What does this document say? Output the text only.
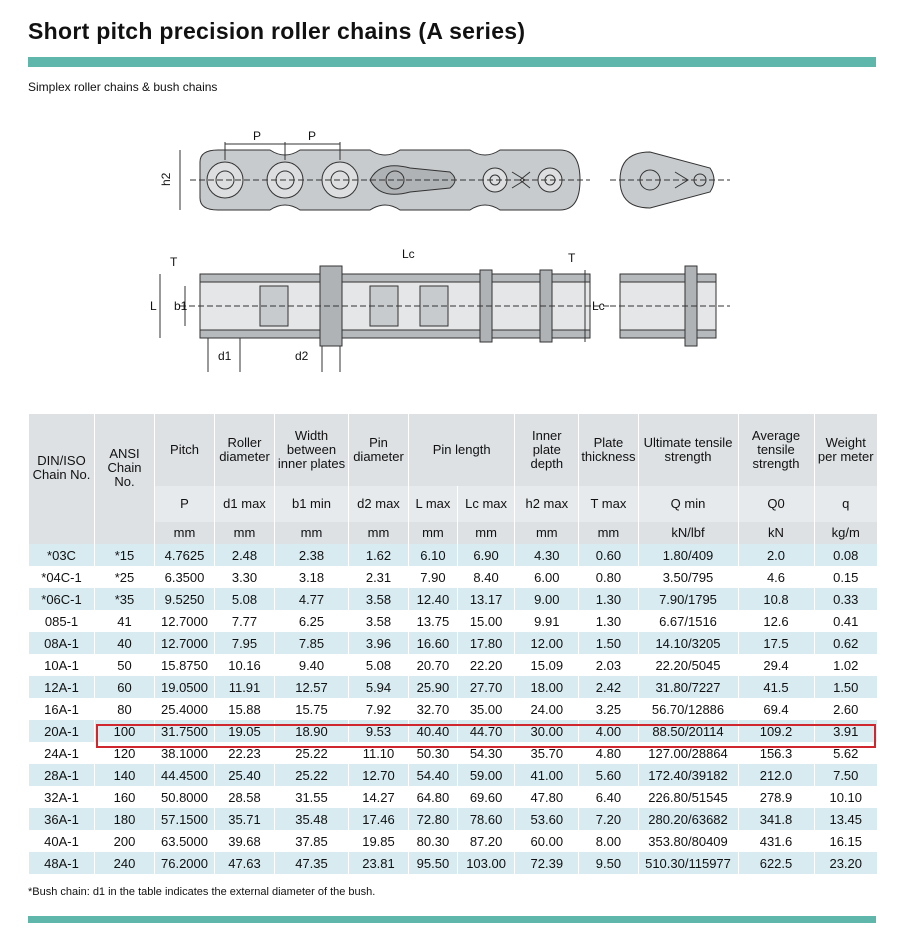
Short pitch precision roller chains (A series)
Simplex roller chains & bush chains
P	P
h2
L b1
T
Lc	T
Lc
d1	d2
DIN/ISO Chain No.	ANSI Chain No.	Pitch	Roller diameter	Width between inner plates	Pin diameter	Pin length		Inner plate depth	Plate thickness	Ultimate tensile strength	Average tensile strength	Weight per meter
		P	d1 max	b1 min	d2 max	L max	Lc max	h2 max	T max	Q min	Q0	q
		mm	mm	mm	mm	mm	mm	mm	mm	kN/lbf	kN	kg/m
*03C	*15	4.7625	2.48	2.38	1.62	6.10	6.90	4.30	0.60	1.80/409	2.0	0.08
*04C-1	*25	6.3500	3.30	3.18	2.31	7.90	8.40	6.00	0.80	3.50/795	4.6	0.15
*06C-1	*35	9.5250	5.08	4.77	3.58	12.40	13.17	9.00	1.30	7.90/1795	10.8	0.33
085-1	41	12.7000	7.77	6.25	3.58	13.75	15.00	9.91	1.30	6.67/1516	12.6	0.41
08A-1	40	12.7000	7.95	7.85	3.96	16.60	17.80	12.00	1.50	14.10/3205	17.5	0.62
10A-1	50	15.8750	10.16	9.40	5.08	20.70	22.20	15.09	2.03	22.20/5045	29.4	1.02
12A-1	60	19.0500	11.91	12.57	5.94	25.90	27.70	18.00	2.42	31.80/7227	41.5	1.50
16A-1	80	25.4000	15.88	15.75	7.92	32.70	35.00	24.00	3.25	56.70/12886	69.4	2.60
20A-1	100	31.7500	19.05	18.90	9.53	40.40	44.70	30.00	4.00	88.50/20114	109.2	3.91
24A-1	120	38.1000	22.23	25.22	11.10	50.30	54.30	35.70	4.80	127.00/28864	156.3	5.62
28A-1	140	44.4500	25.40	25.22	12.70	54.40	59.00	41.00	5.60	172.40/39182	212.0	7.50
32A-1	160	50.8000	28.58	31.55	14.27	64.80	69.60	47.80	6.40	226.80/51545	278.9	10.10
36A-1	180	57.1500	35.71	35.48	17.46	72.80	78.60	53.60	7.20	280.20/63682	341.8	13.45
40A-1	200	63.5000	39.68	37.85	19.85	80.30	87.20	60.00	8.00	353.80/80409	431.6	16.15
48A-1	240	76.2000	47.63	47.35	23.81	95.50	103.00	72.39	9.50	510.30/115977	622.5	23.20
*Bush chain: d1 in the table indicates the external diameter of the bush.
